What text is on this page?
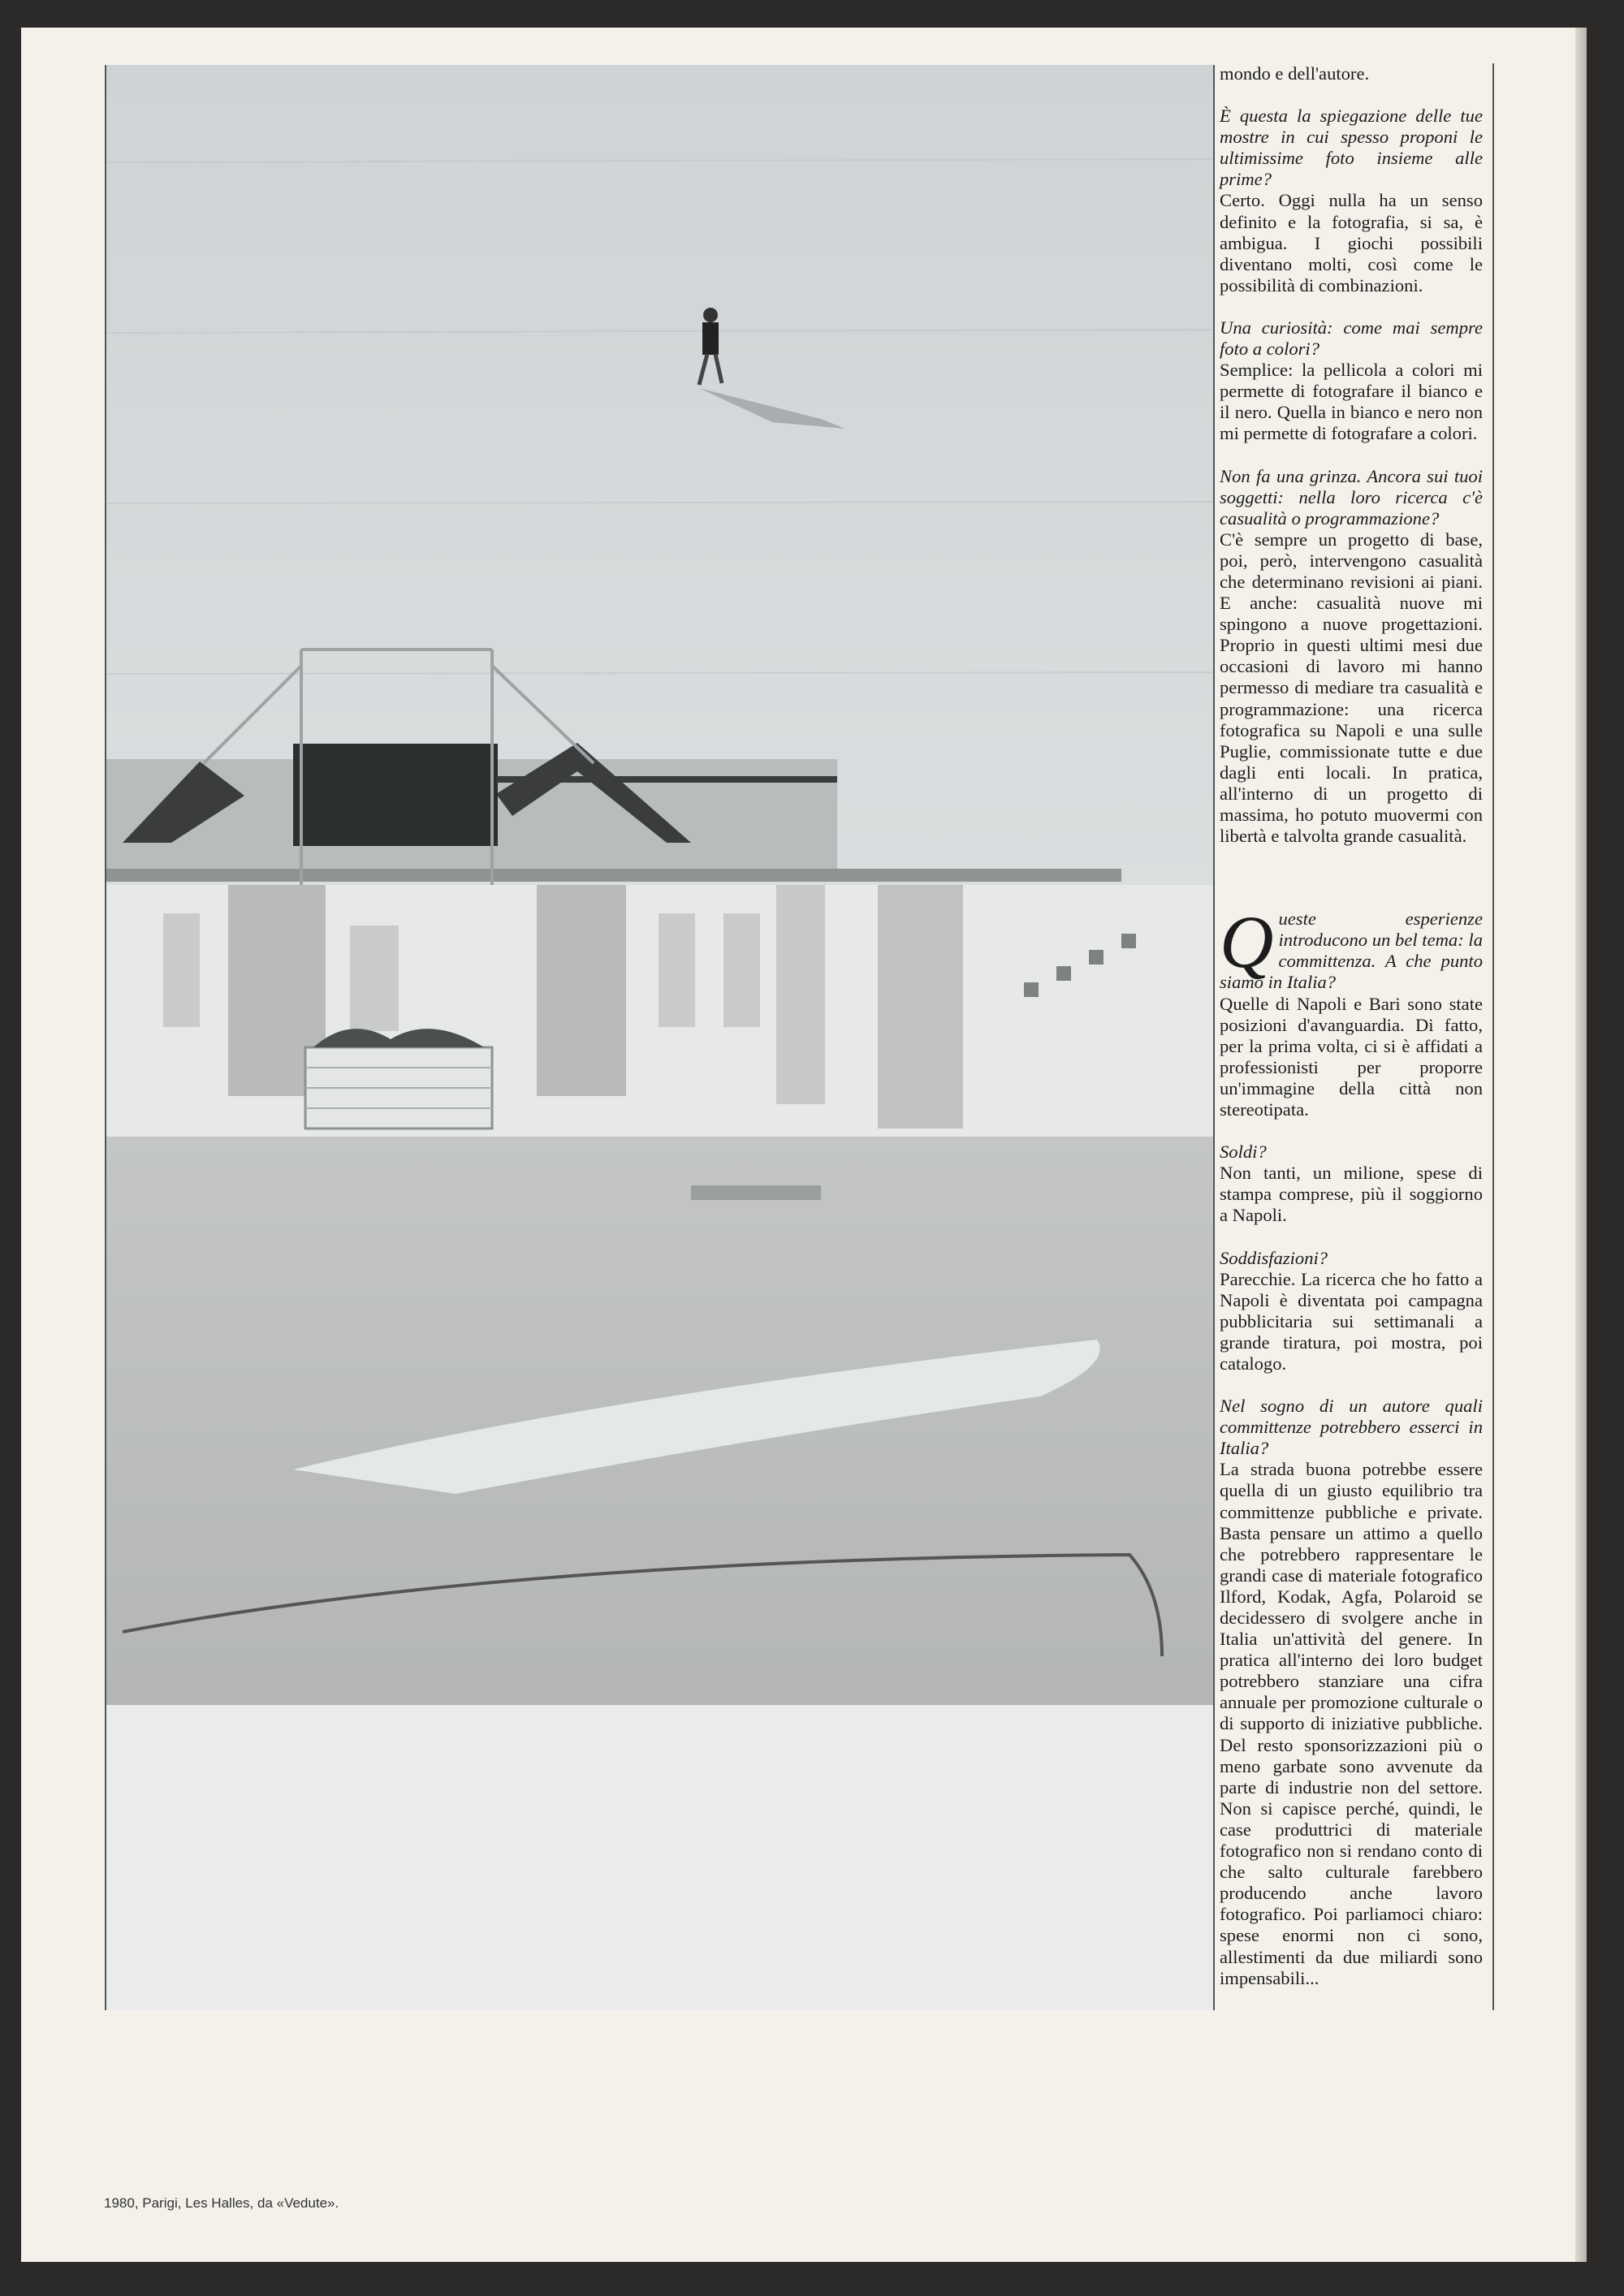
mondo e dell'autore.

È questa la spiegazione delle tue mostre in cui spesso proponi le ultimissime foto insieme alle prime?

Certo. Oggi nulla ha un senso definito e la fotografia, si sa, è ambigua. I giochi possibili diventano molti, così come le possibilità di combinazioni.

Una curiosità: come mai sempre foto a colori?

Semplice: la pellicola a colori mi permette di fotografare il bianco e il nero. Quella in bianco e nero non mi permette di fotografare a colori.

Non fa una grinza. Ancora sui tuoi soggetti: nella loro ricerca c'è casualità o programmazione?

C'è sempre un progetto di base, poi, però, intervengono casualità che determinano revisioni ai piani. E anche: casualità nuove mi spingono a nuove progettazioni. Proprio in questi ultimi mesi due occasioni di lavoro mi hanno permesso di mediare tra casualità e programmazione: una ricerca fotografica su Napoli e una sulle Puglie, commissionate tutte e due dagli enti locali. In pratica, all'interno di un progetto di massima, ho potuto muovermi con libertà e talvolta grande casualità.

Queste esperienze introducono un bel tema: la committenza. A che punto siamo in Italia?

Quelle di Napoli e Bari sono state posizioni d'avanguardia. Di fatto, per la prima volta, ci si è affidati a professionisti per proporre un'immagine della città non stereotipata.

Soldi?

Non tanti, un milione, spese di stampa comprese, più il soggiorno a Napoli.

Soddisfazioni?

Parecchie. La ricerca che ho fatto a Napoli è diventata poi campagna pubblicitaria sui settimanali a grande tiratura, poi mostra, poi catalogo.

Nel sogno di un autore quali committenze potrebbero esserci in Italia?

La strada buona potrebbe essere quella di un giusto equilibrio tra committenze pubbliche e private. Basta pensare un attimo a quello che potrebbero rappresentare le grandi case di materiale fotografico Ilford, Kodak, Agfa, Polaroid se decidessero di svolgere anche in Italia un'attività del genere. In pratica all'interno dei loro budget potrebbero stanziare una cifra annuale per promozione culturale o di supporto di iniziative pubbliche. Del resto sponsorizzazioni più o meno garbate sono avvenute da parte di industrie non del settore. Non si capisce perché, quindi, le case produttrici di materiale fotografico non si rendano conto di che salto culturale farebbero producendo anche lavoro fotografico. Poi parliamoci chiaro: spese enormi non ci sono, allestimenti da due miliardi sono impensabili...

1980, Parigi, Les Halles, da «Vedute».
